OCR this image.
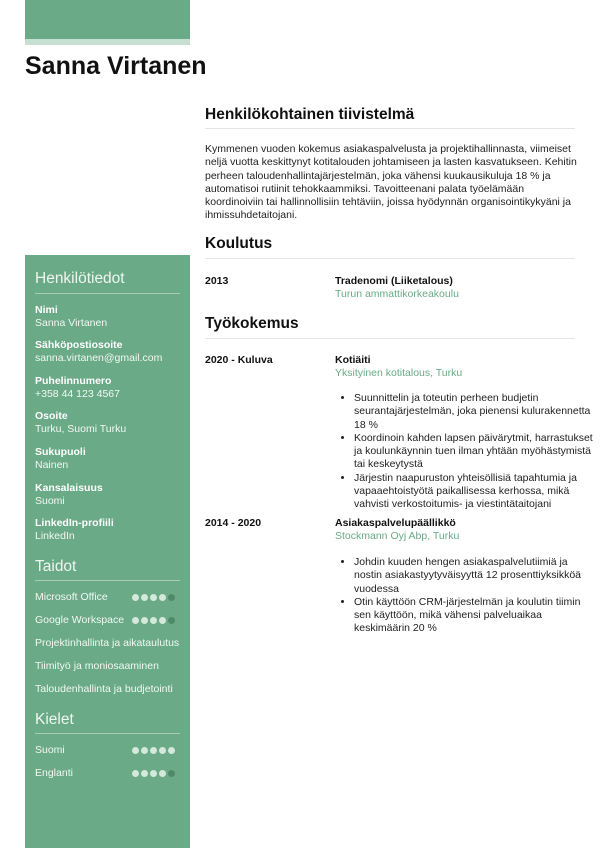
Sanna Virtanen
Henkilötiedot
Nimi
Sanna Virtanen
Sähköpostiosoite
sanna.virtanen@gmail.com
Puhelinnumero
+358 44 123 4567
Osoite
Turku, Suomi Turku
Sukupuoli
Nainen
Kansalaisuus
Suomi
LinkedIn-profiili
LinkedIn
Taidot
Microsoft Office
Google Workspace
Projektinhallinta ja aikataulutus
Tiimityö ja moniosaaminen
Taloudenhallinta ja budjetointi
Kielet
Suomi
Englanti
Henkilökohtainen tiivistelmä
Kymmenen vuoden kokemus asiakaspalvelusta ja projektihallinnasta, viimeiset neljä vuotta keskittynyt kotitalouden johtamiseen ja lasten kasvatukseen. Kehitin perheen taloudenhallintajärjestelmän, joka vähensi kuukausikuluja 18 % ja automatisoi rutiinit tehokkaammiksi. Tavoitteenani palata työelämään koordinoiviin tai hallinnollisiin tehtäviin, joissa hyödynnän organisointikykyäni ja ihmissuhdetaitojani.
Koulutus
2013	Tradenomi (Liiketalous)
Turun ammattikorkeakoulu
Työkokemus
2020 - Kuluva	Kotiäiti
Yksityinen kotitalous, Turku
• Suunnittelin ja toteutin perheen budjetin seurantajärjestelmän, joka pienensi kulurakennetta 18 %
• Koordinoin kahden lapsen päivärytmit, harrastukset ja koulunkäynnin tuen ilman yhtään myöhästymistä tai keskeytystä
• Järjestin naapuruston yhteisöllisiä tapahtumia ja vapaaehtoistyötä paikallisessa kerhossa, mikä vahvisti verkostoitumis- ja viestintätaitojani
2014 - 2020	Asiakaspalvelupäällikkö
Stockmann Oyj Abp, Turku
• Johdin kuuden hengen asiakaspalvelutiimiä ja nostin asiakastyytyväisyyttä 12 prosenttiyksikköä vuodessa
• Otin käyttöön CRM-järjestelmän ja koulutin tiimin sen käyttöön, mikä vähensi palveluaikaa keskimäärin 20 %
